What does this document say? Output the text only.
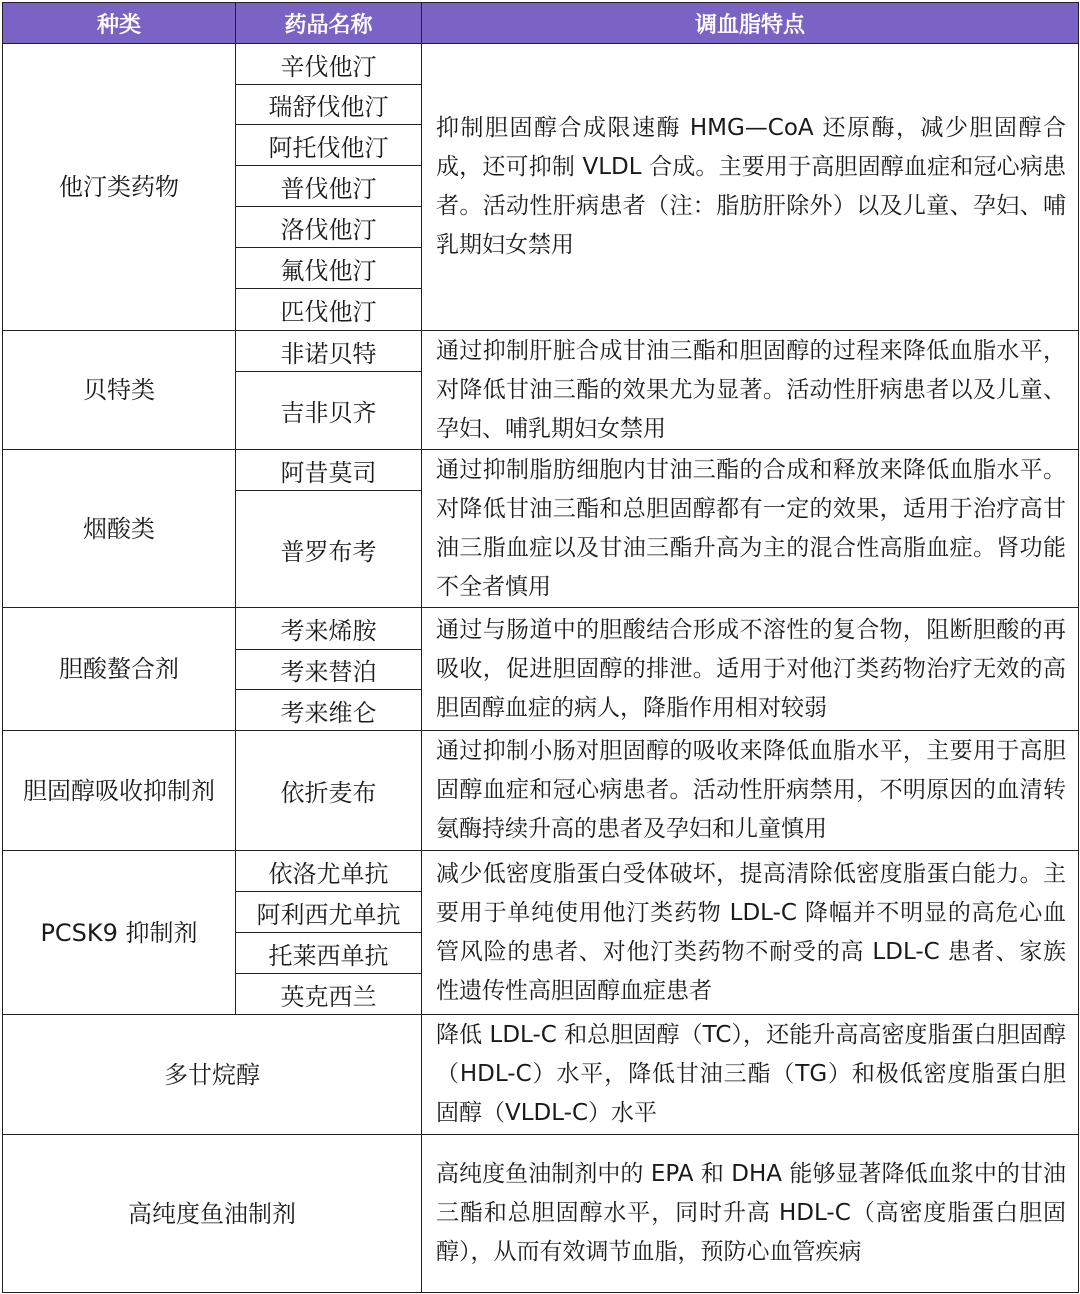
种类	药品名称	调血脂特点
他汀类药物	辛伐他汀	抑制胆固醇合成限速酶 HMG—CoA 还原酶，减少胆固醇合成，还可抑制 VLDL 合成。主要用于高胆固醇血症和冠心病患者。活动性肝病患者（注：脂肪肝除外）以及儿童、孕妇、哺乳期妇女禁用
	瑞舒伐他汀	
	阿托伐他汀	
	普伐他汀	
	洛伐他汀	
	氟伐他汀	
	匹伐他汀	
贝特类	非诺贝特	通过抑制肝脏合成甘油三酯和胆固醇的过程来降低血脂水平，对降低甘油三酯的效果尤为显著。活动性肝病患者以及儿童、孕妇、哺乳期妇女禁用
	吉非贝齐	
烟酸类	阿昔莫司	通过抑制脂肪细胞内甘油三酯的合成和释放来降低血脂水平。对降低甘油三酯和总胆固醇都有一定的效果，适用于治疗高甘油三脂血症以及甘油三酯升高为主的混合性高脂血症。肾功能不全者慎用
	普罗布考	
胆酸螯合剂	考来烯胺	通过与肠道中的胆酸结合形成不溶性的复合物，阻断胆酸的再吸收，促进胆固醇的排泄。适用于对他汀类药物治疗无效的高胆固醇血症的病人，降脂作用相对较弱
	考来替泊	
	考来维仑	
胆固醇吸收抑制剂	依折麦布	通过抑制小肠对胆固醇的吸收来降低血脂水平，主要用于高胆固醇血症和冠心病患者。活动性肝病禁用，不明原因的血清转氨酶持续升高的患者及孕妇和儿童慎用
PCSK9 抑制剂	依洛尤单抗	减少低密度脂蛋白受体破坏，提高清除低密度脂蛋白能力。主要用于单纯使用他汀类药物 LDL-C 降幅并不明显的高危心血管风险的患者、对他汀类药物不耐受的高 LDL-C 患者、家族性遗传性高胆固醇血症患者
	阿利西尤单抗	
	托莱西单抗	
	英克西兰	
多廿烷醇		降低 LDL-C 和总胆固醇（TC），还能升高高密度脂蛋白胆固醇（HDL-C）水平，降低甘油三酯（TG）和极低密度脂蛋白胆固醇（VLDL-C）水平
高纯度鱼油制剂		高纯度鱼油制剂中的 EPA 和 DHA 能够显著降低血浆中的甘油三酯和总胆固醇水平，同时升高 HDL-C（高密度脂蛋白胆固醇），从而有效调节血脂，预防心血管疾病
